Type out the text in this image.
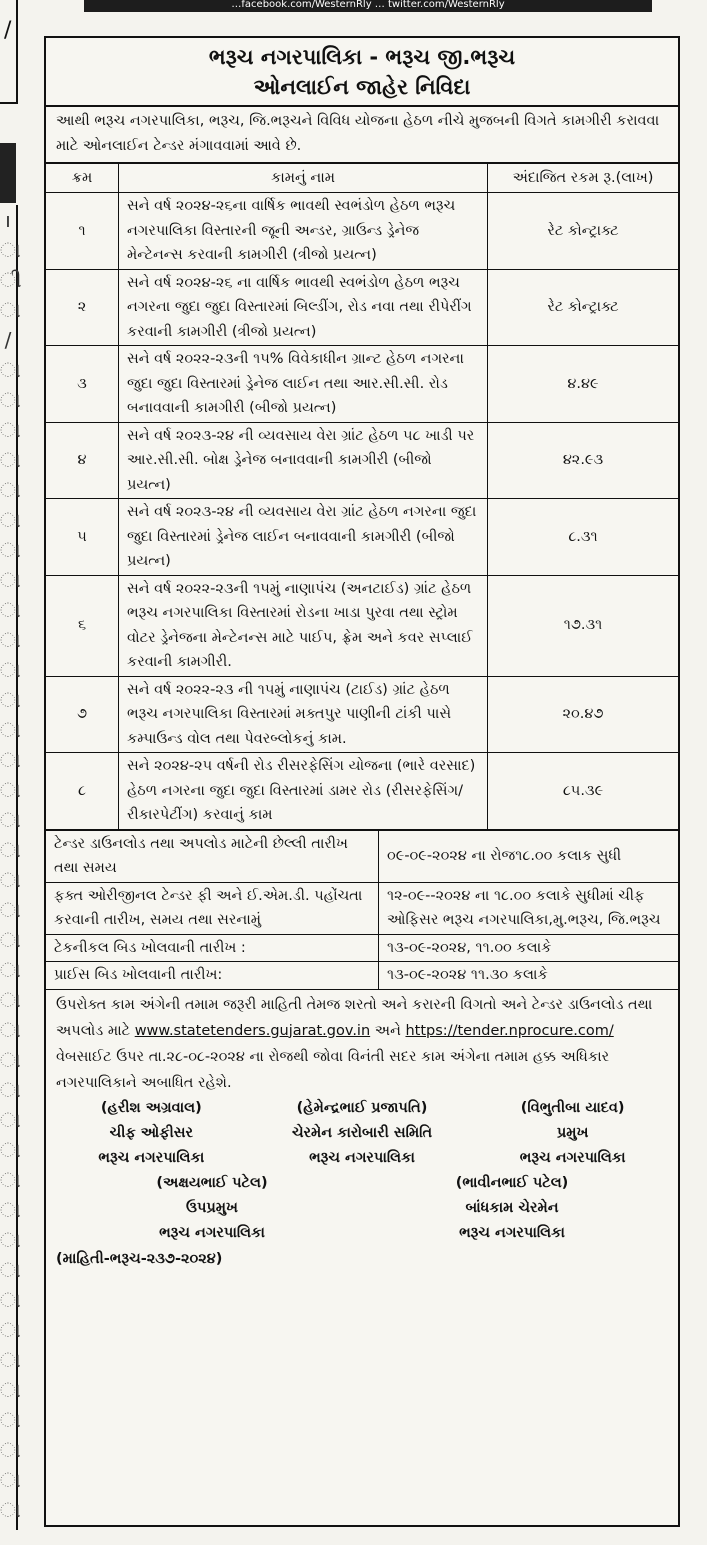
…facebook.com/WesternRly … twitter.com/WesternRly
/
ו
ા
ી
ા
/
ા
ા
ા
ા
ા
ા
ા
ા
ા
ા
ા
ા
ા
ા
ા
ા
ા
ા
ા
ા
ા
ા
ા
ા
ા
ા
ા
ા
ા
ા
ા
ા
ા
ા
ા
ા
ા
ા
ા
ભરૂચ નગરપાલિકા - ભરૂચ જી.ભરૂચ
ઓનલાઈન જાહેર નિવિદા
આથી ભરૂચ નગરપાલિકા, ભરૂચ, જિ.ભરૂચને વિવિધ યોજના હેઠળ નીચે મુજબની વિગતે કામગીરી કરાવવા માટે ઓનલાઈન ટેન્ડર મંગાવવામાં આવે છે.
ક્રમ	કામનું નામ	અંદાજિત રકમ રૂ.(લાખ)
૧	સને વર્ષ ૨૦૨૪-૨૬ના વાર્ષિક ભાવથી સ્વભંડોળ હેઠળ ભરૂચ નગરપાલિકા વિસ્તારની જૂની અન્ડર, ગ્રાઉન્ડ ડ્રેનેજ મેન્ટેનન્સ કરવાની કામગીરી (ત્રીજો પ્રયત્ન)	રેટ કોન્ટ્રાક્ટ
૨	સને વર્ષ ૨૦૨૪-૨૬ ના વાર્ષિક ભાવથી સ્વભંડોળ હેઠળ ભરૂચ નગરના જુદા જુદા વિસ્તારમાં બિલ્ડીંગ, રોડ નવા તથા રીપેરીંગ કરવાની કામગીરી (ત્રીજો પ્રયત્ન)	રેટ કોન્ટ્રાક્ટ
૩	સને વર્ષ ૨૦૨૨-૨૩ની ૧૫% વિવેકાધીન ગ્રાન્ટ હેઠળ નગરના જુદા જુદા વિસ્તારમાં ડ્રેનેજ લાઈન તથા આર.સી.સી. રોડ બનાવવાની કામગીરી (બીજો પ્રયત્ન)	૪.૪૯
૪	સને વર્ષ ૨૦૨૩-૨૪ ની વ્યવસાય વેરા ગ્રાંટ હેઠળ ૫૮ ખાડી પર આર.સી.સી. બોક્ષ ડ્રેનેજ બનાવવાની કામગીરી (બીજો પ્રયત્ન)	૪૨.૯૩
૫	સને વર્ષ ૨૦૨૩-૨૪ ની વ્યવસાય વેરા ગ્રાંટ હેઠળ નગરના જુદા જુદા વિસ્તારમાં ડ્રેનેજ લાઈન બનાવવાની કામગીરી (બીજો પ્રયત્ન)	૮.૩૧
૬	સને વર્ષ ૨૦૨૨-૨૩ની ૧૫મું નાણાપંચ (અનટાઈડ) ગ્રાંટ હેઠળ ભરૂચ નગરપાલિકા વિસ્તારમાં રોડના ખાડા પુરવા તથા સ્ટ્રોમ વોટર ડ્રેનેજના મેન્ટેનન્સ માટે પાઈપ, ફ્રેમ અને કવર સપ્લાઈ કરવાની કામગીરી.	૧૭.૩૧
૭	સને વર્ષ ૨૦૨૨-૨૩ ની ૧૫મું નાણાપંચ (ટાઈડ) ગ્રાંટ હેઠળ ભરૂચ નગરપાલિકા વિસ્તારમાં મક્તપુર પાણીની ટાંકી પાસે કમ્પાઉન્ડ વોલ તથા પેવરબ્લોકનું કામ.	૨૦.૪૭
૮	સને ૨૦૨૪-૨૫ વર્ષની રોડ રીસરફેસિંગ યોજના (ભારે વરસાદ) હેઠળ નગરના જુદા જુદા વિસ્તારમાં ડામર રોડ (રીસરફેસિંગ/રીકારપેટીંગ) કરવાનું કામ	૮૫.૩૯
ટેન્ડર ડાઉનલોડ તથા અપલોડ માટેની છેલ્લી તારીખ તથા સમય	૦૯-૦૯-૨૦૨૪ ના રોજ૧૮.૦૦ કલાક સુધી
ફક્ત ઓરીજીનલ ટેન્ડર ફી અને ઈ.એમ.ડી. પહોંચતા કરવાની તારીખ, સમય તથા સરનામું	૧૨-૦૯--૨૦૨૪ ના ૧૮.૦૦ કલાકે સુધીમાં ચીફ ઓફિસર ભરૂચ નગરપાલિકા,મુ.ભરૂચ, જિ.ભરૂચ
ટેકનીકલ બિડ ખોલવાની તારીખ :	૧૩-૦૯-૨૦૨૪, ૧૧.૦૦ કલાકે
પ્રાઈસ બિડ ખોલવાની તારીખ:	૧૩-૦૯-૨૦૨૪ ૧૧.૩૦ કલાકે
ઉપરોક્ત કામ અંગેની તમામ જરૂરી માહિતી તેમજ શરતો અને કરારની વિગતો અને ટેન્ડર ડાઉનલોડ તથા અપલોડ માટે www.statetenders.gujarat.gov.in અને https://tender.nprocure.com/ વેબસાઈટ ઉપર તા.૨૮-૦૮-૨૦૨૪ ના રોજથી જોવા વિનંતી સદર કામ અંગેના તમામ હક્ક અધિકાર નગરપાલિકાને અબાધિત રહેશે.
(હરીશ અગ્રવાલ)
ચીફ ઓફીસર
ભરૂચ નગરપાલિકા
(હેમેન્દ્રભાઈ પ્રજાપતિ)
ચેરમેન કારોબારી સમિતિ
ભરૂચ નગરપાલિકા
(વિભુતીબા યાદવ)
પ્રમુખ
ભરૂચ નગરપાલિકા
(અક્ષયભાઈ પટેલ)
ઉપપ્રમુખ
ભરૂચ નગરપાલિકા
(ભાવીનભાઈ પટેલ)
બાંધકામ ચેરમેન
ભરૂચ નગરપાલિકા
(માહિતી-ભરૂચ-૨૩૭-૨૦૨૪)
